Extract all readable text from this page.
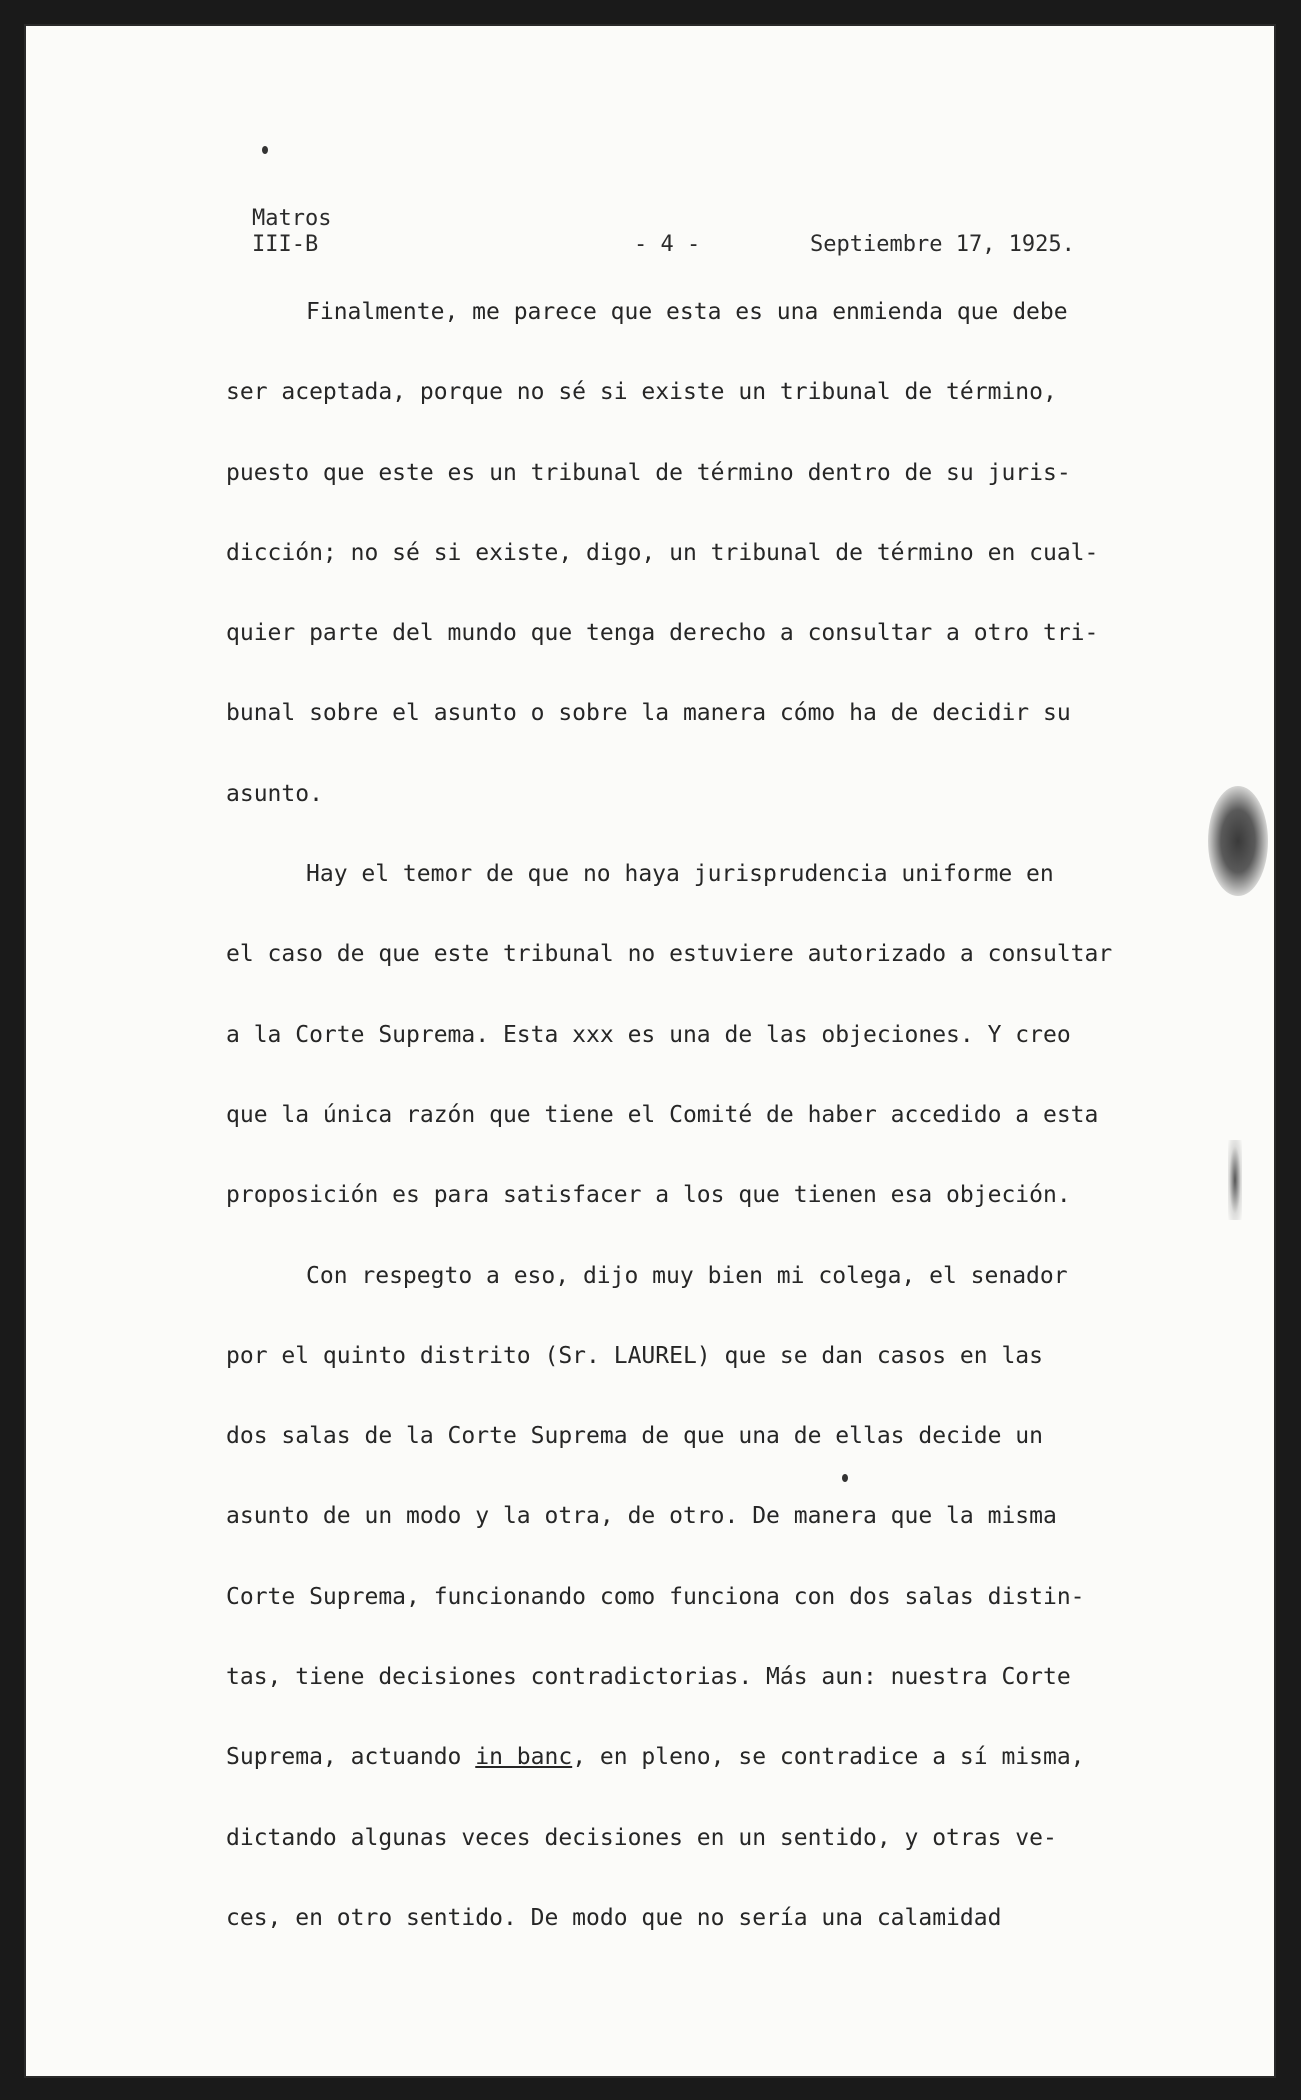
Matros
III-B	- 4 -	Septiembre 17, 1925.
Finalmente, me parece que esta es una enmienda que debe
ser aceptada, porque no sé si existe un tribunal de término,
puesto que este es un tribunal de término dentro de su juris-
dicción; no sé si existe, digo, un tribunal de término en cual-
quier parte del mundo que tenga derecho a consultar a otro tri-
bunal sobre el asunto o sobre la manera cómo ha de decidir su
asunto.
Hay el temor de que no haya jurisprudencia uniforme en
el caso de que este tribunal no estuviere autorizado a consultar
a la Corte Suprema. Esta xxx es una de las objeciones. Y creo
que la única razón que tiene el Comité de haber accedido a esta
proposición es para satisfacer a los que tienen esa objeción.
Con respegto a eso, dijo muy bien mi colega, el senador
por el quinto distrito (Sr. LAUREL) que se dan casos en las
dos salas de la Corte Suprema de que una de ellas decide un
asunto de un modo y la otra, de otro. De manera que la misma
Corte Suprema, funcionando como funciona con dos salas distin-
tas, tiene decisiones contradictorias. Más aun: nuestra Corte
Suprema, actuando in banc, en pleno, se contradice a sí misma,
dictando algunas veces decisiones en un sentido, y otras ve-
ces, en otro sentido. De modo que no sería una calamidad
